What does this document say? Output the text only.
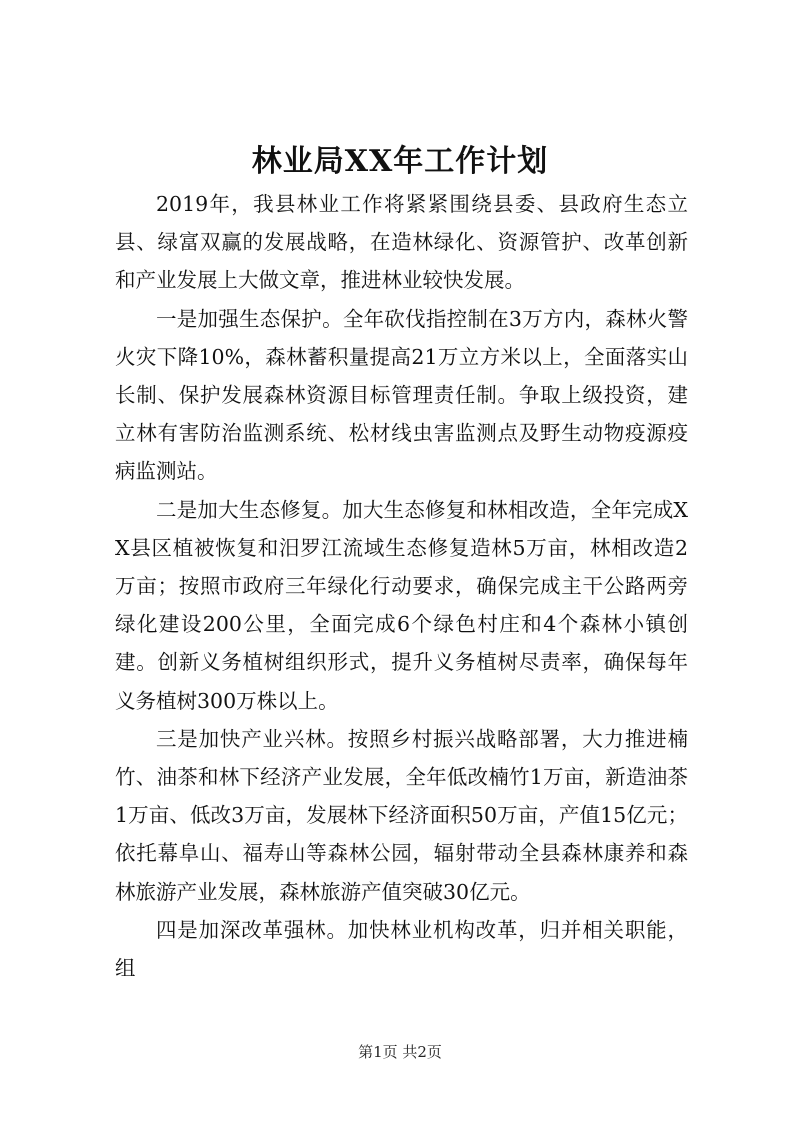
林业局XX年工作计划

2019年，我县林业工作将紧紧围绕县委、县政府生态立县、绿富双赢的发展战略，在造林绿化、资源管护、改革创新和产业发展上大做文章，推进林业较快发展。

一是加强生态保护。全年砍伐指控制在3万方内，森林火警火灾下降10%，森林蓄积量提高21万立方米以上，全面落实山长制、保护发展森林资源目标管理责任制。争取上级投资，建立林有害防治监测系统、松材线虫害监测点及野生动物疫源疫病监测站。

二是加大生态修复。加大生态修复和林相改造，全年完成XX县区植被恢复和汨罗江流域生态修复造林5万亩，林相改造2万亩；按照市政府三年绿化行动要求，确保完成主干公路两旁绿化建设200公里，全面完成6个绿色村庄和4个森林小镇创建。创新义务植树组织形式，提升义务植树尽责率，确保每年义务植树300万株以上。

三是加快产业兴林。按照乡村振兴战略部署，大力推进楠竹、油茶和林下经济产业发展，全年低改楠竹1万亩，新造油茶1万亩、低改3万亩，发展林下经济面积50万亩，产值15亿元；依托幕阜山、福寿山等森林公园，辐射带动全县森林康养和森林旅游产业发展，森林旅游产值突破30亿元。

四是加深改革强林。加快林业机构改革，归并相关职能，组

第1页 共2页
